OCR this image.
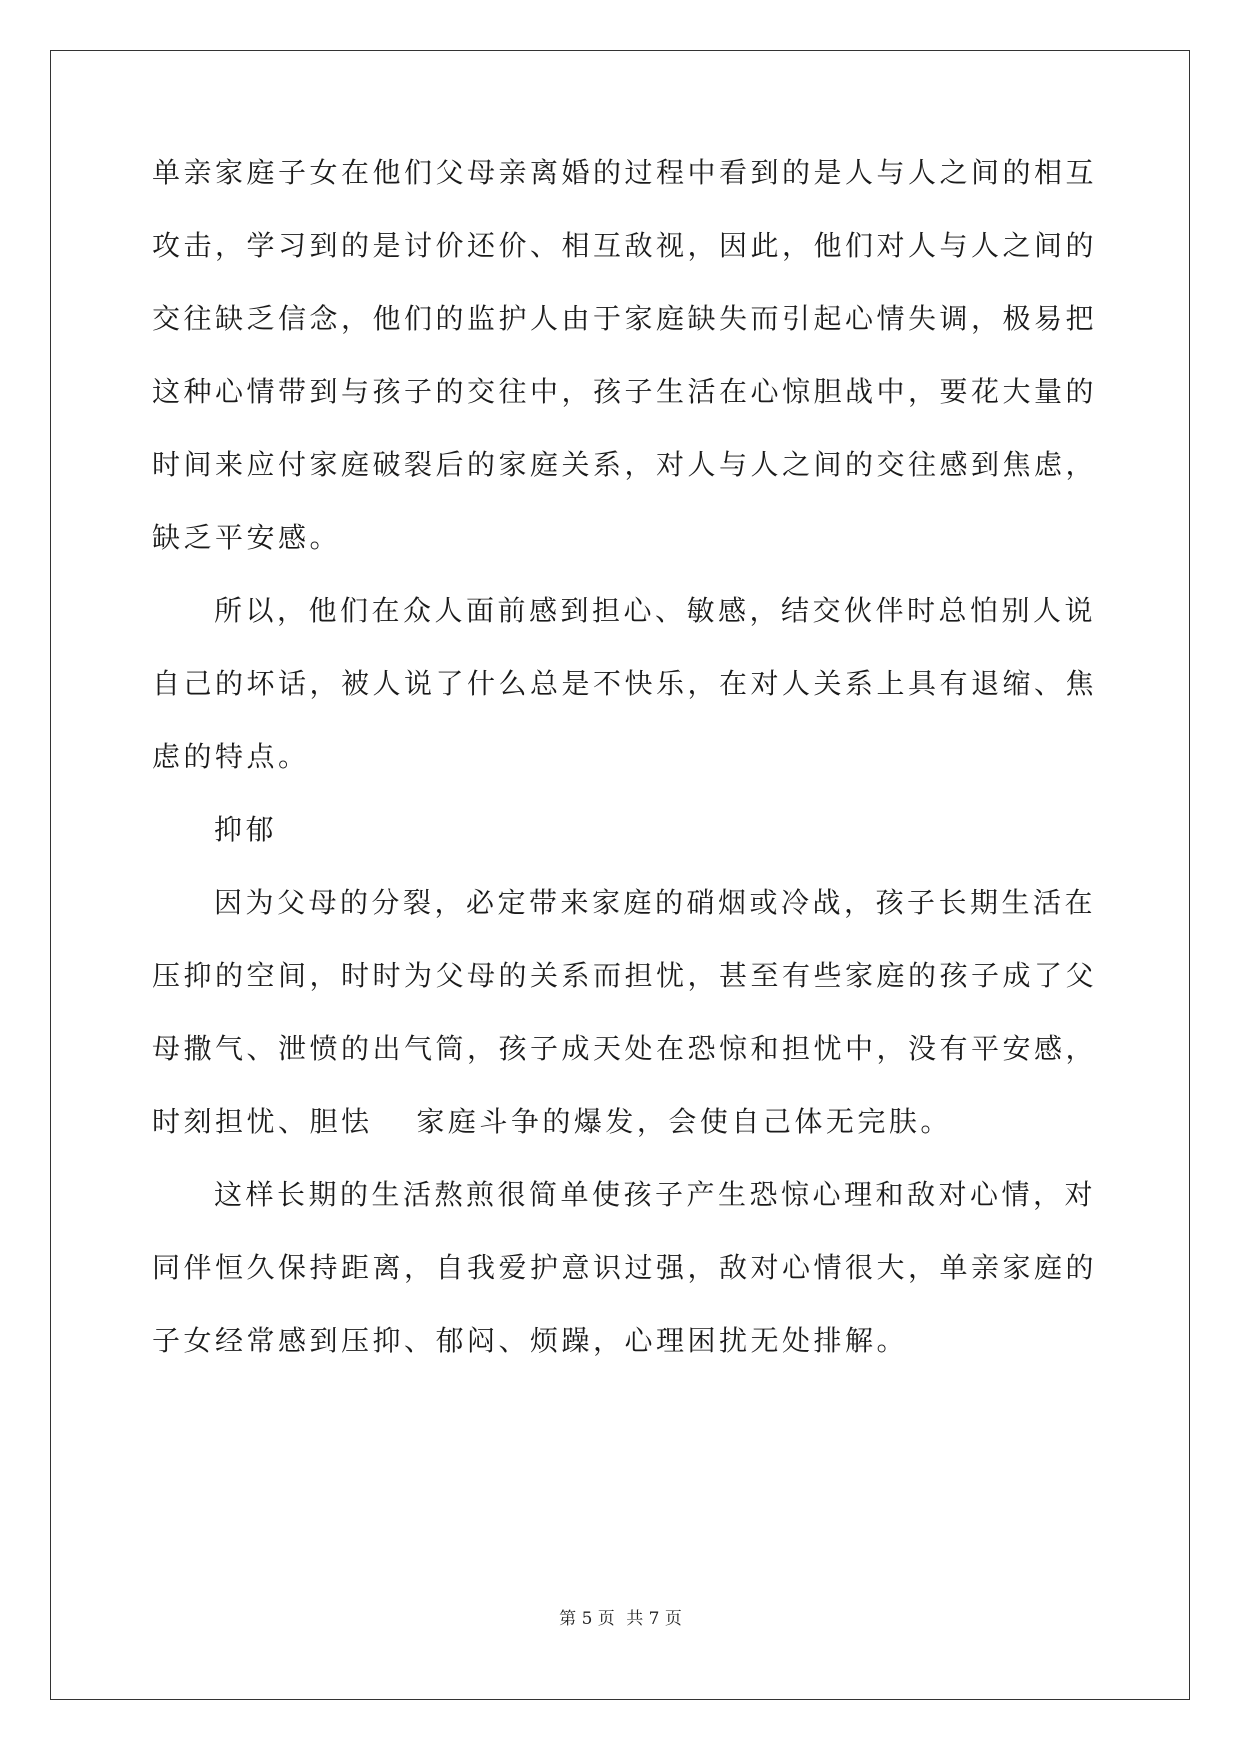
单亲家庭子女在他们父母亲离婚的过程中看到的是人与人之间的相互
攻击，学习到的是讨价还价、相互敌视，因此，他们对人与人之间的
交往缺乏信念，他们的监护人由于家庭缺失而引起心情失调，极易把
这种心情带到与孩子的交往中，孩子生活在心惊胆战中，要花大量的
时间来应付家庭破裂后的家庭关系，对人与人之间的交往感到焦虑，
缺乏平安感。
所以，他们在众人面前感到担心、敏感，结交伙伴时总怕别人说
自己的坏话，被人说了什么总是不快乐，在对人关系上具有退缩、焦
虑的特点。
抑郁
因为父母的分裂，必定带来家庭的硝烟或冷战，孩子长期生活在
压抑的空间，时时为父母的关系而担忧，甚至有些家庭的孩子成了父
母撒气、泄愤的出气筒，孩子成天处在恐惊和担忧中，没有平安感，
时刻担忧、胆怯　 家庭斗争的爆发，会使自己体无完肤。
这样长期的生活熬煎很简单使孩子产生恐惊心理和敌对心情，对
同伴恒久保持距离，自我爱护意识过强，敌对心情很大，单亲家庭的
子女经常感到压抑、郁闷、烦躁，心理困扰无处排解。
第 5 页 共 7 页
